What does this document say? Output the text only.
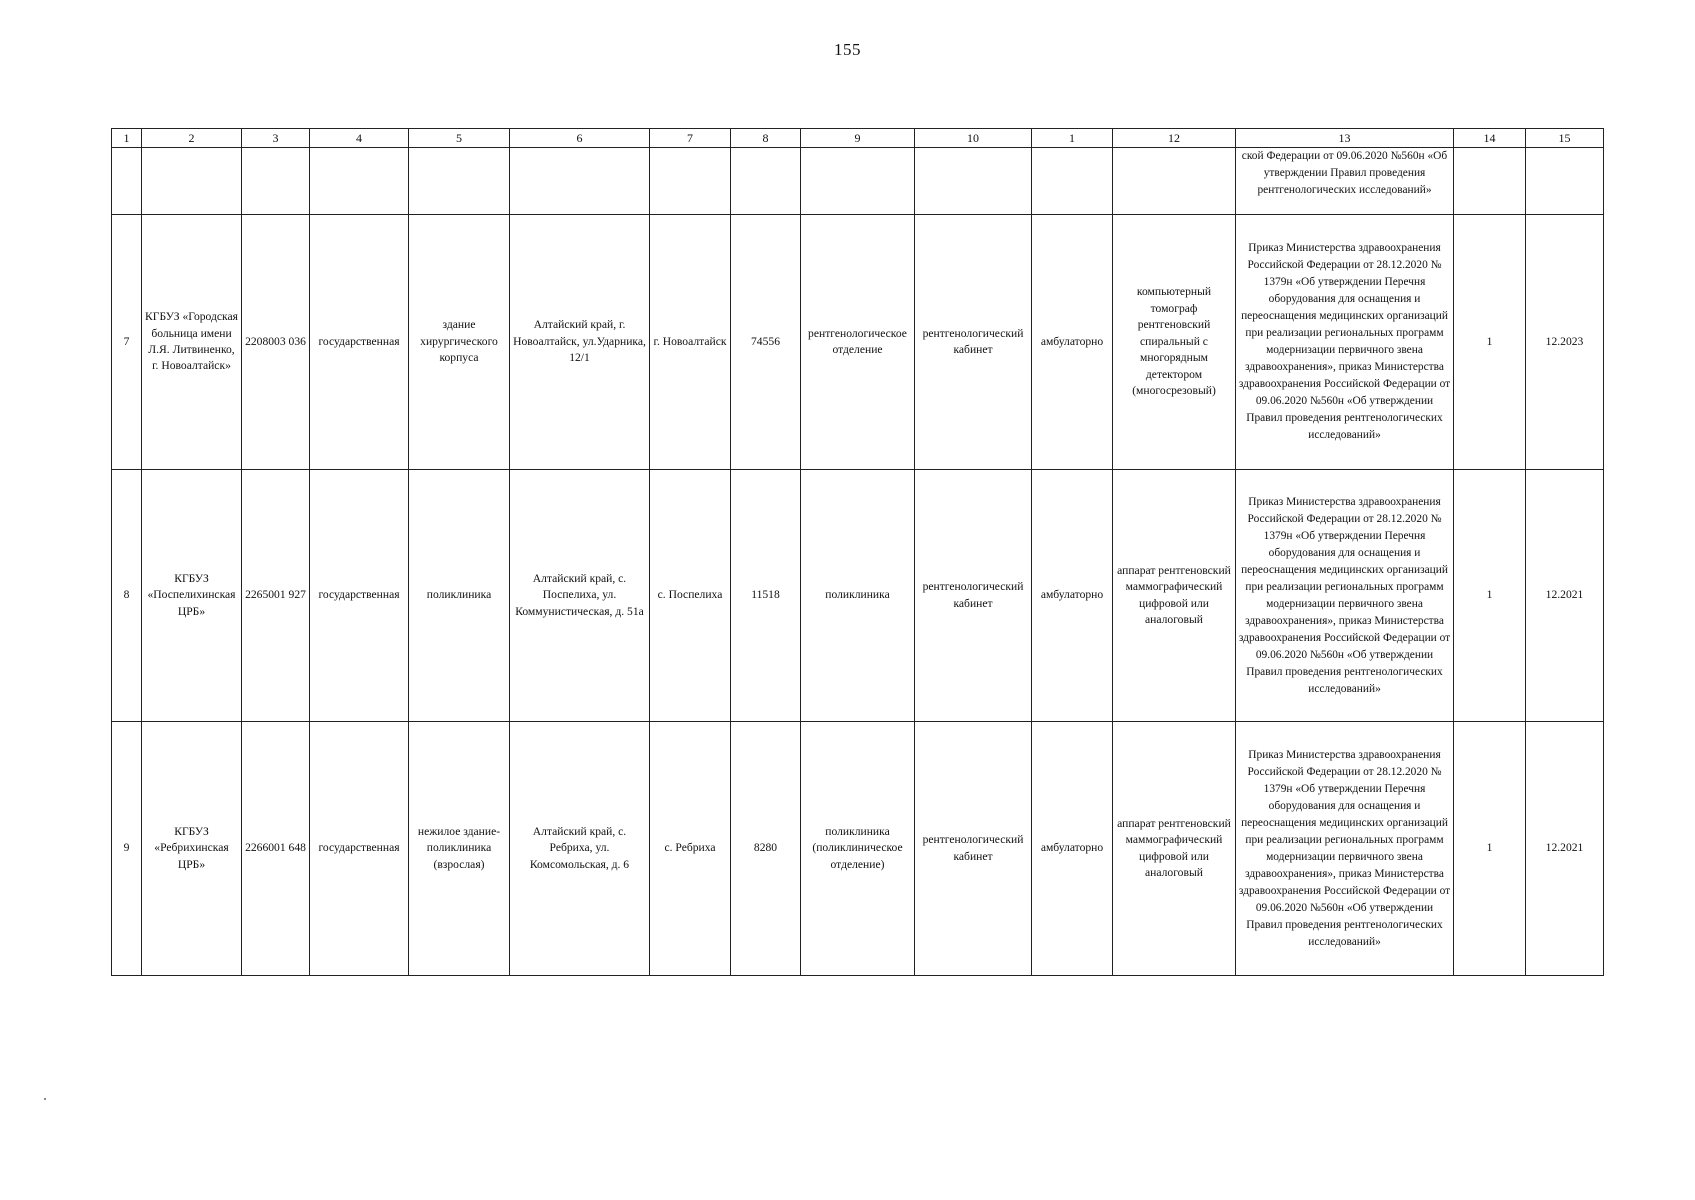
155
1	2	3	4	5	6	7	8	9	10	1	12	13	14	15
												ской Федерации от 09.06.2020 №560н «Об утверждении Правил проведения рентгенологических исследований»		
7	КГБУЗ «Городская больница имени Л.Я. Литвиненко, г. Новоалтайск»	2208003 036	государственная	здание хирургического корпуса	Алтайский край, г. Новоалтайск, ул.Ударника, 12/1	г. Новоалтайск	74556	рентгенологическое отделение	рентгенологический кабинет	амбулаторно	компьютерный томограф рентгеновский спиральный с многорядным детектором (многосрезовый)	Приказ Министерства здравоохранения Российской Федерации от 28.12.2020 № 1379н «Об утверждении Перечня оборудования для оснащения и переоснащения медицинских организаций при реализации региональных программ модернизации первичного звена здравоохранения», приказ Министерства здравоохранения Российской Федерации от 09.06.2020 №560н «Об утверждении Правил проведения рентгенологических исследований»	1	12.2023
8	КГБУЗ «Поспелихинская ЦРБ»	2265001 927	государственная	поликлиника	Алтайский край, с. Поспелиха, ул. Коммунистическая, д. 51а	с. Поспелиха	11518	поликлиника	рентгенологический кабинет	амбулаторно	аппарат рентгеновский маммографический цифровой или аналоговый	Приказ Министерства здравоохранения Российской Федерации от 28.12.2020 № 1379н «Об утверждении Перечня оборудования для оснащения и переоснащения медицинских организаций при реализации региональных программ модернизации первичного звена здравоохранения», приказ Министерства здравоохранения Российской Федерации от 09.06.2020 №560н «Об утверждении Правил проведения рентгенологических исследований»	1	12.2021
9	КГБУЗ «Ребрихинская ЦРБ»	2266001 648	государственная	нежилое здание-поликлиника (взрослая)	Алтайский край, с. Ребриха, ул. Комсомольская, д. 6	с. Ребриха	8280	поликлиника (поликлиническое отделение)	рентгенологический кабинет	амбулаторно	аппарат рентгеновский маммографический цифровой или аналоговый	Приказ Министерства здравоохранения Российской Федерации от 28.12.2020 № 1379н «Об утверждении Перечня оборудования для оснащения и переоснащения медицинских организаций при реализации региональных программ модернизации первичного звена здравоохранения», приказ Министерства здравоохранения Российской Федерации от 09.06.2020 №560н «Об утверждении Правил проведения рентгенологических исследований»	1	12.2021
